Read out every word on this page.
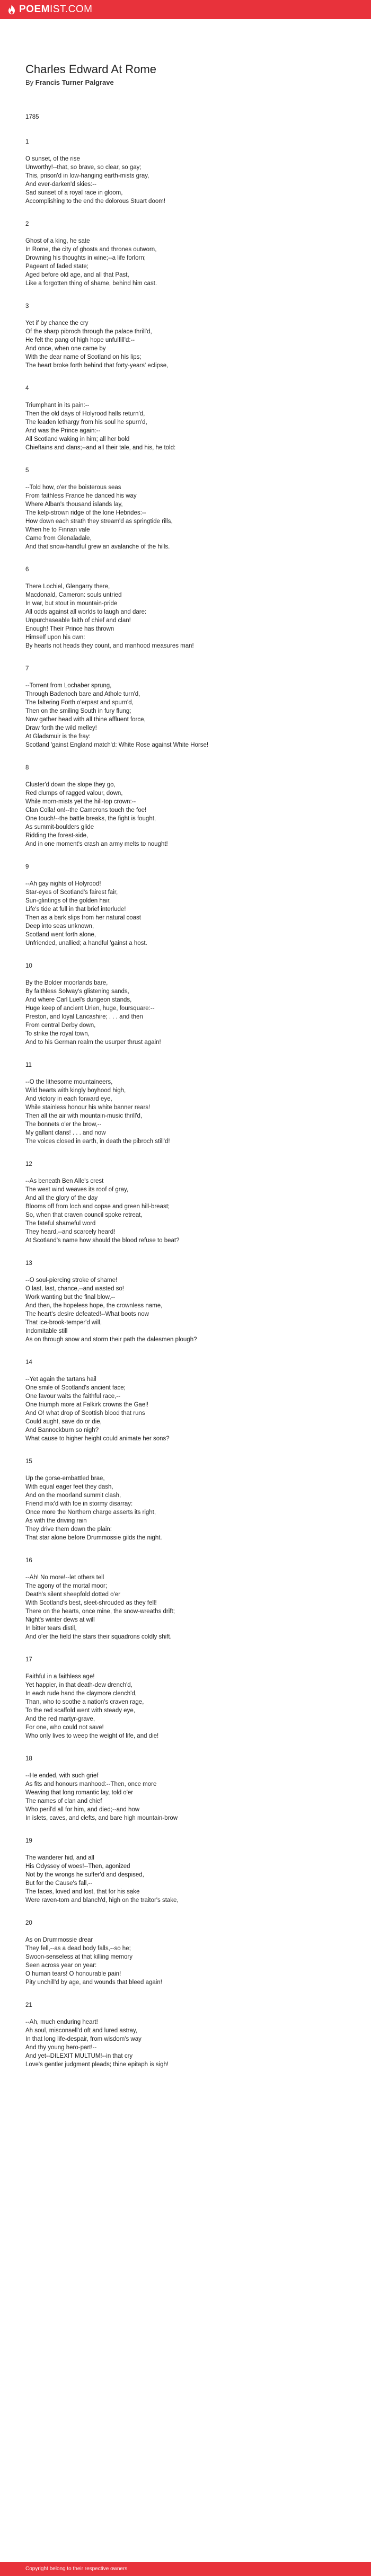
POEMIST.COM
Charles Edward At Rome
By Francis Turner Palgrave
1785
1
O sunset, of the rise
Unworthy!--that, so brave, so clear, so gay;
This, prison'd in low-hanging earth-mists gray,
And ever-darken'd skies:--
Sad sunset of a royal race in gloom,
Accomplishing to the end the dolorous Stuart doom!
2
Ghost of a king, he sate
In Rome, the city of ghosts and thrones outworn,
Drowning his thoughts in wine;--a life forlorn;
Pageant of faded state;
Aged before old age, and all that Past,
Like a forgotten thing of shame, behind him cast.
3
Yet if by chance the cry
Of the sharp pibroch through the palace thrill'd,
He felt the pang of high hope unfulfill'd:--
And once, when one came by
With the dear name of Scotland on his lips;
The heart broke forth behind that forty-years' eclipse,
4
Triumphant in its pain:--
Then the old days of Holyrood halls return'd,
The leaden lethargy from his soul he spurn'd,
And was the Prince again:--
All Scotland waking in him; all her bold
Chieftains and clans;--and all their tale, and his, he told:
5
--Told how, o'er the boisterous seas
From faithless France he danced his way
Where Alban's thousand islands lay,
The kelp-strown ridge of the lone Hebrides:--
How down each strath they stream'd as springtide rills,
When he to Finnan vale
Came from Glenaladale,
And that snow-handful grew an avalanche of the hills.
6
There Lochiel, Glengarry there,
Macdonald, Cameron: souls untried
In war, but stout in mountain-pride
All odds against all worlds to laugh and dare:
Unpurchaseable faith of chief and clan!
Enough! Their Prince has thrown
Himself upon his own:
By hearts not heads they count, and manhood measures man!
7
--Torrent from Lochaber sprung,
Through Badenoch bare and Athole turn'd,
The faltering Forth o'erpast and spurn'd,
Then on the smiling South in fury flung;
Now gather head with all thine affluent force,
Draw forth the wild melley!
At Gladsmuir is the fray:
Scotland 'gainst England match'd: White Rose against White Horse!
8
Cluster'd down the slope they go,
Red clumps of ragged valour, down,
While morn-mists yet the hill-top crown:--
Clan Colla! on!--the Camerons touch the foe!
One touch!--the battle breaks, the fight is fought,
As summit-boulders glide
Ridding the forest-side,
And in one moment's crash an army melts to nought!
9
--Ah gay nights of Holyrood!
Star-eyes of Scotland's fairest fair,
Sun-glintings of the golden hair,
Life's tide at full in that brief interlude!
Then as a bark slips from her natural coast
Deep into seas unknown,
Scotland went forth alone,
Unfriended, unallied; a handful 'gainst a host.
10
By the Bolder moorlands bare,
By faithless Solway's glistening sands,
And where Carl Luel's dungeon stands,
Huge keep of ancient Urien, huge, foursquare:--
Preston, and loyal Lancashire; . . . and then
From central Derby down,
To strike the royal town,
And to his German realm the usurper thrust again!
11
--O the lithesome mountaineers,
Wild hearts with kingly boyhood high,
And victory in each forward eye,
While stainless honour his white banner rears!
Then all the air with mountain-music thrill'd,
The bonnets o'er the brow,--
My gallant clans! . . . and now
The voices closed in earth, in death the pibroch still'd!
12
--As beneath Ben Alle's crest
The west wind weaves its roof of gray,
And all the glory of the day
Blooms off from loch and copse and green hill-breast;
So, when that craven council spoke retreat,
The fateful shameful word
They heard,--and scarcely heard!
At Scotland's name how should the blood refuse to beat?
13
--O soul-piercing stroke of shame!
O last, last, chance,--and wasted so!
Work wanting but the final blow,--
And then, the hopeless hope, the crownless name,
The heart's desire defeated!--What boots now
That ice-brook-temper'd will,
Indomitable still
As on through snow and storm their path the dalesmen plough?
14
--Yet again the tartans hail
One smile of Scotland's ancient face;
One favour waits the faithful race,--
One triumph more at Falkirk crowns the Gael!
And O! what drop of Scottish blood that runs
Could aught, save do or die,
And Bannockburn so nigh?
What cause to higher height could animate her sons?
15
Up the gorse-embattled brae,
With equal eager feet they dash,
And on the moorland summit clash,
Friend mix'd with foe in stormy disarray:
Once more the Northern charge asserts its right,
As with the driving rain
They drive them down the plain:
That star alone before Drummossie gilds the night.
16
--Ah! No more!--let others tell
The agony of the mortal moor;
Death's silent sheepfold dotted o'er
With Scotland's best, sleet-shrouded as they fell!
There on the hearts, once mine, the snow-wreaths drift;
Night's winter dews at will
In bitter tears distil,
And o'er the field the stars their squadrons coldly shift.
17
Faithful in a faithless age!
Yet happier, in that death-dew drench'd,
In each rude hand the claymore clench'd,
Than, who to soothe a nation's craven rage,
To the red scaffold went with steady eye,
And the red martyr-grave,
For one, who could not save!
Who only lives to weep the weight of life, and die!
18
--He ended, with such grief
As fits and honours manhood:--Then, once more
Weaving that long romantic lay, told o'er
The names of clan and chief
Who peril'd all for him, and died;--and how
In islets, caves, and clefts, and bare high mountain-brow
19
The wanderer hid, and all
His Odyssey of woes!--Then, agonized
Not by the wrongs he suffer'd and despised,
But for the Cause's fall,--
The faces, loved and lost, that for his sake
Were raven-torn and blanch'd, high on the traitor's stake,
20
As on Drummossie drear
They fell,--as a dead body falls,--so he;
Swoon-senseless at that killing memory
Seen across year on year:
O human tears! O honourable pain!
Pity unchill'd by age, and wounds that bleed again!
21
--Ah, much enduring heart!
Ah soul, misconsell'd oft and lured astray,
In that long life-despair, from wisdom's way
And thy young hero-part!--
And yet--DILEXIT MULTUM!--in that cry
Love's gentler judgment pleads; thine epitaph is sigh!
Copyright belong to their respective owners
